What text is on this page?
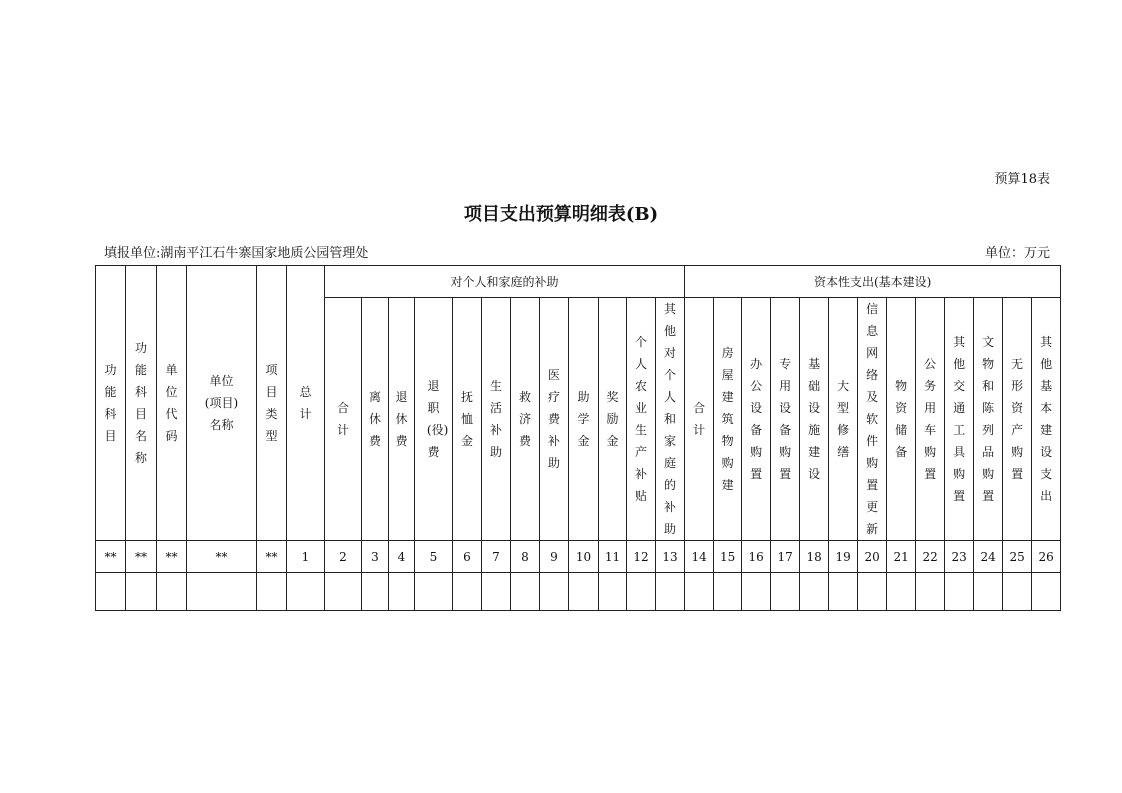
预算18表
项目支出预算明细表(B)
填报单位:湖南平江石牛寨国家地质公园管理处	单位：万元
功能科目	功能科目名称	单位代码	单位(项目)名称	项目类型	总计	对个人和家庭的补助												资本性支出(基本建设)												
						合计	离休费	退休费	退职(役)费	抚恤金	生活补助	救济费	医疗费补助	助学金	奖励金	个人农业生产补贴	其他对个人和家庭的补助	合计	房屋建筑物购建	办公设备购置	专用设备购置	基础设施建设	大型修缮	信息网络及软件购置更新	物资储备	公务用车购置	其他交通工具购置	文物和陈列品购置	无形资产购置	其他基本建设支出
**	**	**	**	**	1	2	3	4	5	6	7	8	9	10	11	12	13	14	15	16	17	18	19	20	21	22	23	24	25	26
